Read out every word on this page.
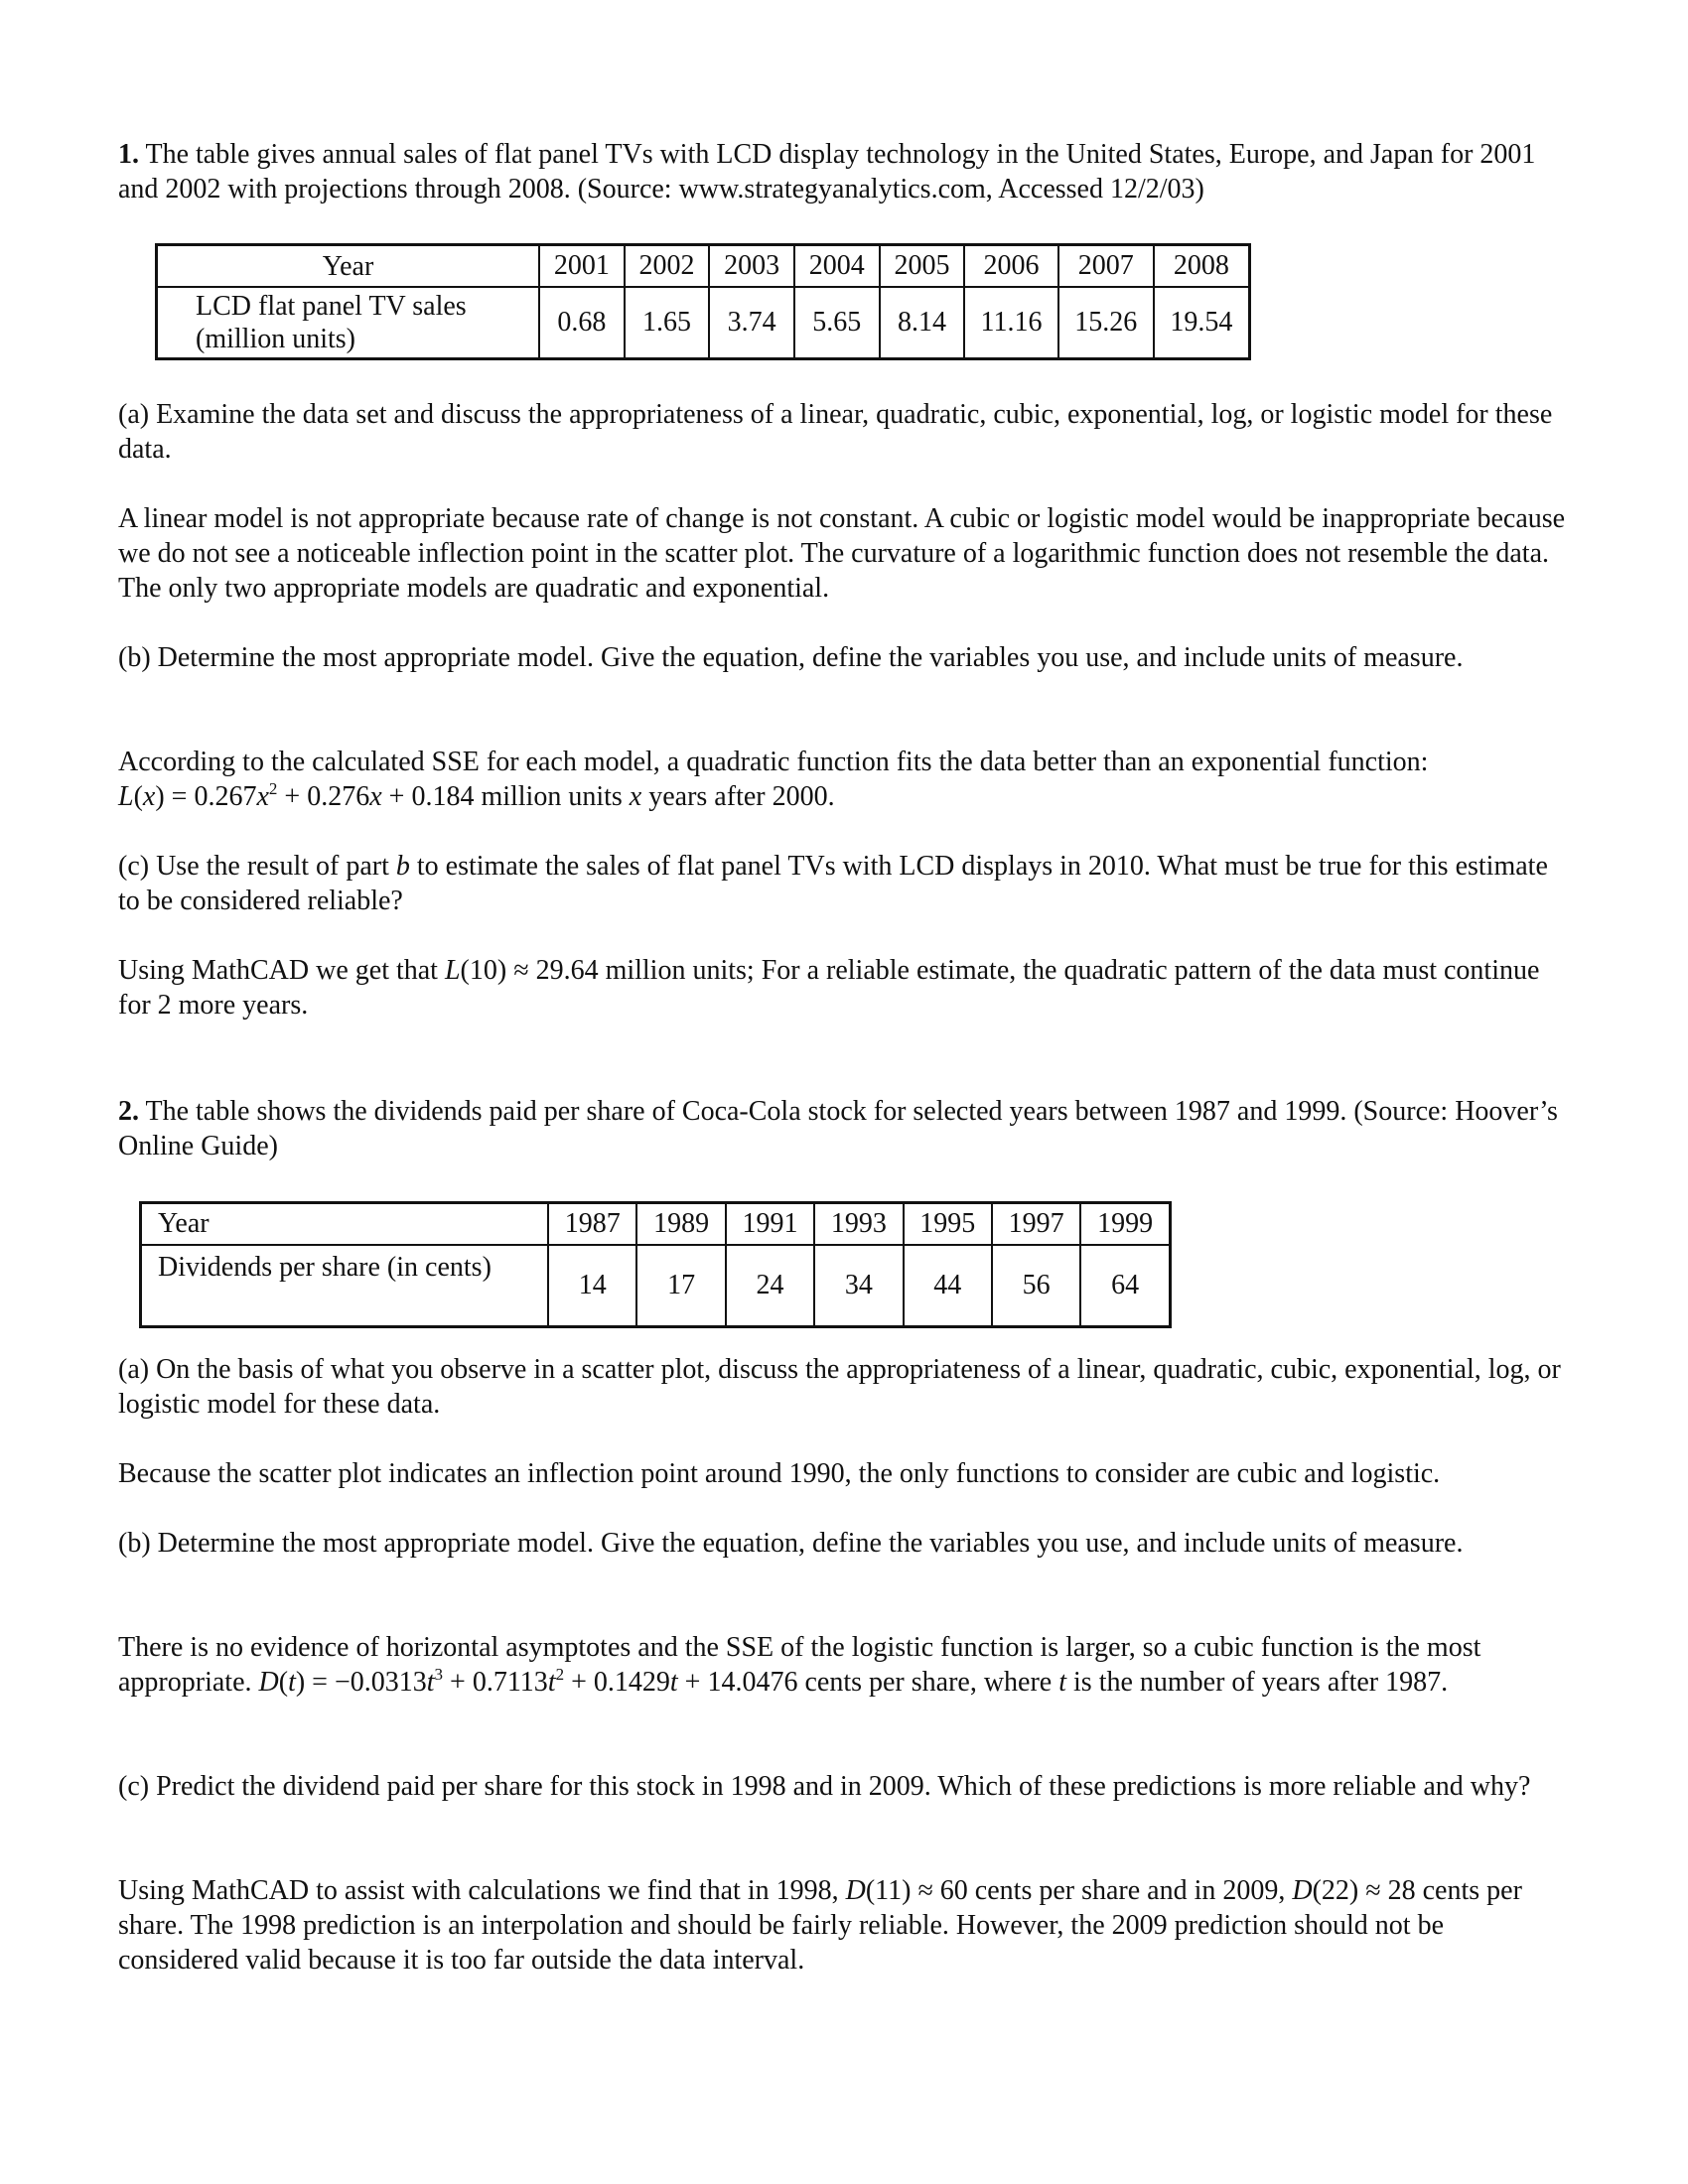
1. The table gives annual sales of flat panel TVs with LCD display technology in the United States, Europe, and Japan for 2001 and 2002 with projections through 2008. (Source: www.strategyanalytics.com, Accessed 12/2/03)

Year	2001	2002	2003	2004	2005	2006	2007	2008
LCD flat panel TV sales
(million units)	0.68	1.65	3.74	5.65	8.14	11.16	15.26	19.54

(a) Examine the data set and discuss the appropriateness of a linear, quadratic, cubic, exponential, log, or logistic model for these data.

A linear model is not appropriate because rate of change is not constant. A cubic or logistic model would be inappropriate because we do not see a noticeable inflection point in the scatter plot. The curvature of a logarithmic function does not resemble the data. The only two appropriate models are quadratic and exponential.

(b) Determine the most appropriate model. Give the equation, define the variables you use, and include units of measure.

According to the calculated SSE for each model, a quadratic function fits the data better than an exponential function:
$L(x) = 0.267x^2 + 0.276x + 0.184$ million units x years after 2000.

(c) Use the result of part b to estimate the sales of flat panel TVs with LCD displays in 2010. What must be true for this estimate to be considered reliable?

Using MathCAD we get that L(10) ≈ 29.64 million units; For a reliable estimate, the quadratic pattern of the data must continue for 2 more years.

2. The table shows the dividends paid per share of Coca-Cola stock for selected years between 1987 and 1999. (Source: Hoover’s Online Guide)

Year	1987	1989	1991	1993	1995	1997	1999
Dividends per share (in cents)	14	17	24	34	44	56	64

(a) On the basis of what you observe in a scatter plot, discuss the appropriateness of a linear, quadratic, cubic, exponential, log, or logistic model for these data.

Because the scatter plot indicates an inflection point around 1990, the only functions to consider are cubic and logistic.

(b) Determine the most appropriate model. Give the equation, define the variables you use, and include units of measure.

There is no evidence of horizontal asymptotes and the SSE of the logistic function is larger, so a cubic function is the most appropriate. $D(t) = -0.0313t^3 + 0.7113t^2 + 0.1429t + 14.0476$ cents per share, where t is the number of years after 1987.

(c) Predict the dividend paid per share for this stock in 1998 and in 2009. Which of these predictions is more reliable and why?

Using MathCAD to assist with calculations we find that in 1998, D(11) ≈ 60 cents per share and in 2009, D(22) ≈ 28 cents per share. The 1998 prediction is an interpolation and should be fairly reliable. However, the 2009 prediction should not be considered valid because it is too far outside the data interval.
